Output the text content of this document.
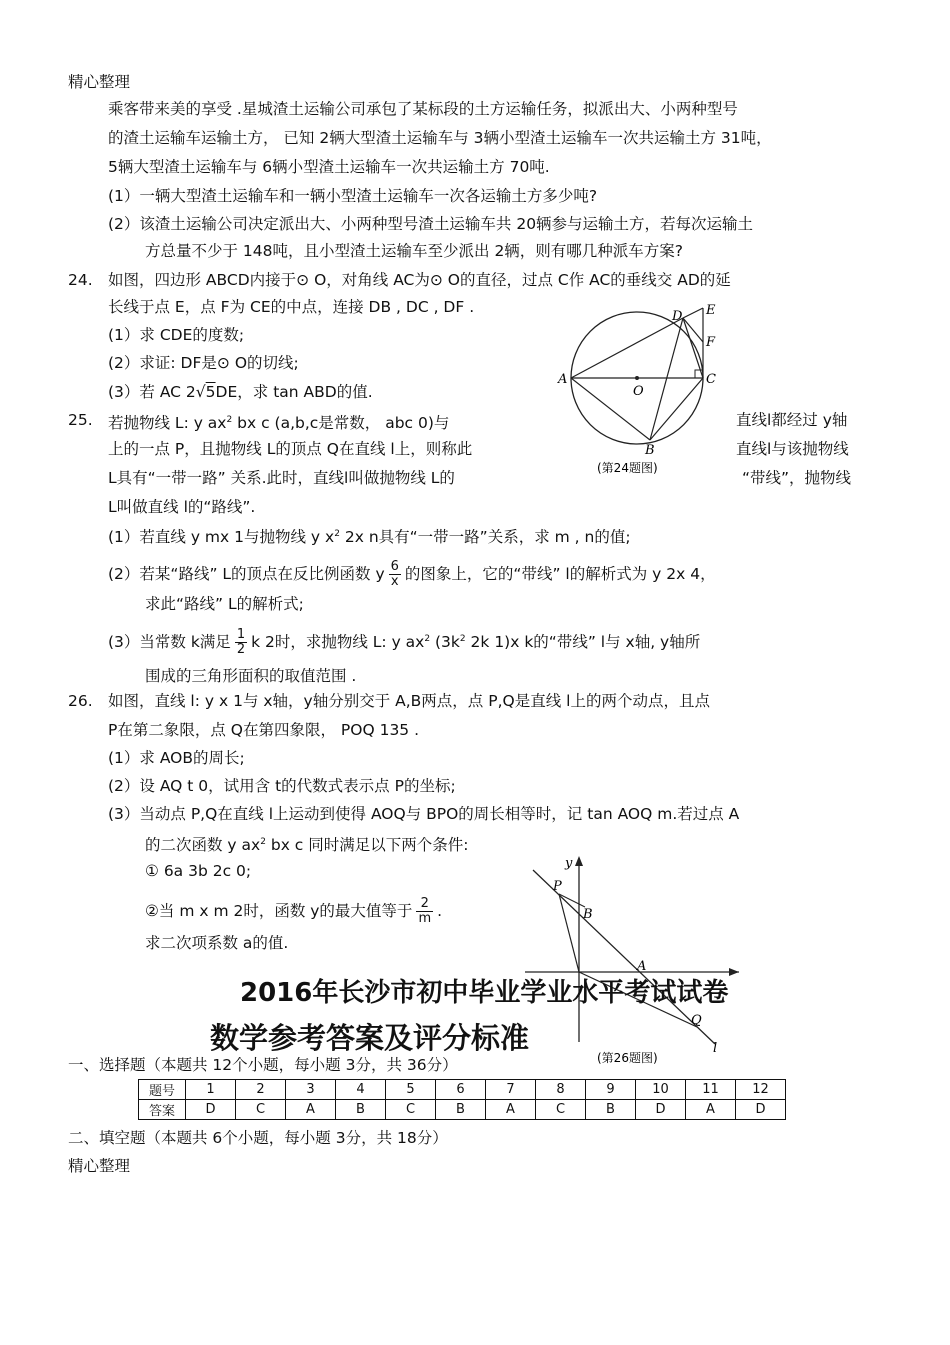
精心整理
乘客带来美的享受 .星城渣土运输公司承包了某标段的土方运输任务，拟派出大、小两种型号
的渣土运输车运输土方， 已知 2辆大型渣土运输车与 3辆小型渣土运输车一次共运输土方 31吨，
5辆大型渣土运输车与 6辆小型渣土运输车一次共运输土方 70吨.
(1）一辆大型渣土运输车和一辆小型渣土运输车一次各运输土方多少吨?
(2）该渣土运输公司决定派出大、小两种型号渣土运输车共 20辆参与运输土方，若每次运输土
方总量不少于 148吨，且小型渣土运输车至少派出 2辆，则有哪几种派车方案?
24. 如图，四边形 ABCD内接于⊙ O，对角线 AC为⊙ O的直径，过点 C作 AC的垂线交 AD的延
长线于点 E，点 F为 CE的中点，连接 DB , DC , DF .
(1）求 CDE的度数;
(2）求证: DF是⊙ O的切线;
(3）若 AC 2√5DE，求 tan ABD的值.
A
O
C
D E
F
B
(第24题图)
25. 若抛物线 L: y $ax^2$ bx c (a,b,c是常数， abc 0)与	直线l都经过 y轴
上的一点 P，且抛物线 L的顶点 Q在直线 l上，则称此	直线l与该抛物线
L具有“一带一路” 关系.此时，直线l叫做抛物线 L的	“带线”，抛物线
L叫做直线 l的“路线”.
(1）若直线 y mx 1与抛物线 y $x^2$ 2x n具有“一带一路”关系，求 m , n的值;
(2）若某“路线” L的顶点在反比例函数 y $\frac{6}{x}$ 的图象上，它的“带线” l的解析式为 y 2x 4，
求此“路线” L的解析式;
(3）当常数 k满足 $\frac{1}{2}$ k 2时，求抛物线 L: y $ax^2$ ($3k^2$ 2k 1)x k的“带线” l与 x轴, y轴所
围成的三角形面积的取值范围 .
26. 如图，直线 l: y x 1与 x轴，y轴分别交于 A,B两点，点 P,Q是直线 l上的两个动点，且点
P在第二象限，点 Q在第四象限， POQ 135 .
(1）求 AOB的周长;
(2）设 AQ t 0，试用含 t的代数式表示点 P的坐标;
(3）当动点 P,Q在直线 l上运动到使得 AOQ与 BPO的周长相等时，记 tan AOQ m.若过点 A
的二次函数 y $ax^2$ bx c 同时满足以下两个条件:
① 6a 3b 2c 0;
②当 m x m 2时，函数 y的最大值等于 $\frac{2}{m}$ .
求二次项系数 a的值.
y
P
B
A
Q
l
(第26题图)
2016年长沙市初中毕业学业水平考试试卷
数学参考答案及评分标准
一、选择题（本题共 12个小题，每小题 3分，共 36分）
题号	1	2	3	4	5	6	7	8	9	10	11	12
答案	D	C	A	B	C	B	A	C	B	D	A	D
二、填空题（本题共 6个小题，每小题 3分，共 18分）
精心整理
